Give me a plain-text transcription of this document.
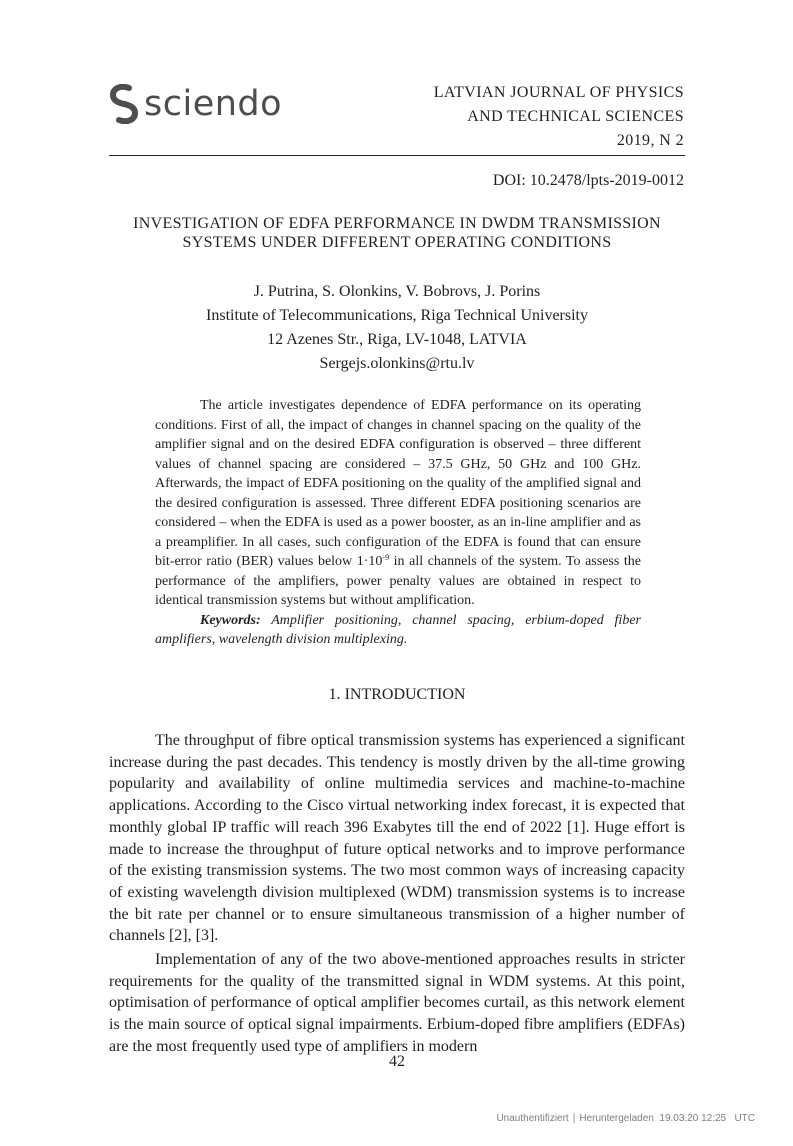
sciendo	LATVIAN JOURNAL OF PHYSICS
AND TECHNICAL SCIENCES
2019, N 2
DOI: 10.2478/lpts-2019-0012
INVESTIGATION OF EDFA PERFORMANCE IN DWDM TRANSMISSION
SYSTEMS UNDER DIFFERENT OPERATING CONDITIONS
J. Putrina, S. Olonkins, V. Bobrovs, J. Porins
Institute of Telecommunications, Riga Technical University
12 Azenes Str., Riga, LV-1048, LATVIA
Sergejs.olonkins@rtu.lv

The article investigates dependence of EDFA performance on its operating conditions. First of all, the impact of changes in channel spacing on the quality of the amplifier signal and on the desired EDFA configuration is observed – three different values of channel spacing are considered – 37.5 GHz, 50 GHz and 100 GHz. Afterwards, the impact of EDFA positioning on the quality of the amplified signal and the desired configuration is assessed. Three different EDFA positioning scenarios are considered – when the EDFA is used as a power booster, as an in-line amplifier and as a preamplifier. In all cases, such configuration of the EDFA is found that can ensure bit-error ratio (BER) values below $1\cdot 10^{-9}$ in all channels of the system. To assess the performance of the amplifiers, power penalty values are obtained in respect to identical transmission systems but without amplification.

Keywords: Amplifier positioning, channel spacing, erbium-doped fiber amplifiers, wavelength division multiplexing.

1. INTRODUCTION

The throughput of fibre optical transmission systems has experienced a significant increase during the past decades. This tendency is mostly driven by the all-time growing popularity and availability of online multimedia services and machine-to-machine applications. According to the Cisco virtual networking index forecast, it is expected that monthly global IP traffic will reach 396 Exabytes till the end of 2022 [1]. Huge effort is made to increase the throughput of future optical networks and to improve performance of the existing transmission systems. The two most common ways of increasing capacity of existing wavelength division multiplexed (WDM) transmission systems is to increase the bit rate per channel or to ensure simultaneous transmission of a higher number of channels [2], [3].

Implementation of any of the two above-mentioned approaches results in stricter requirements for the quality of the transmitted signal in WDM systems. At this point, optimisation of performance of optical amplifier becomes curtail, as this network element is the main source of optical signal impairments. Erbium-doped fibre amplifiers (EDFAs) are the most frequently used type of amplifiers in modern

42
Unauthentifiziert | Heruntergeladen  19.03.20 12:25   UTC
